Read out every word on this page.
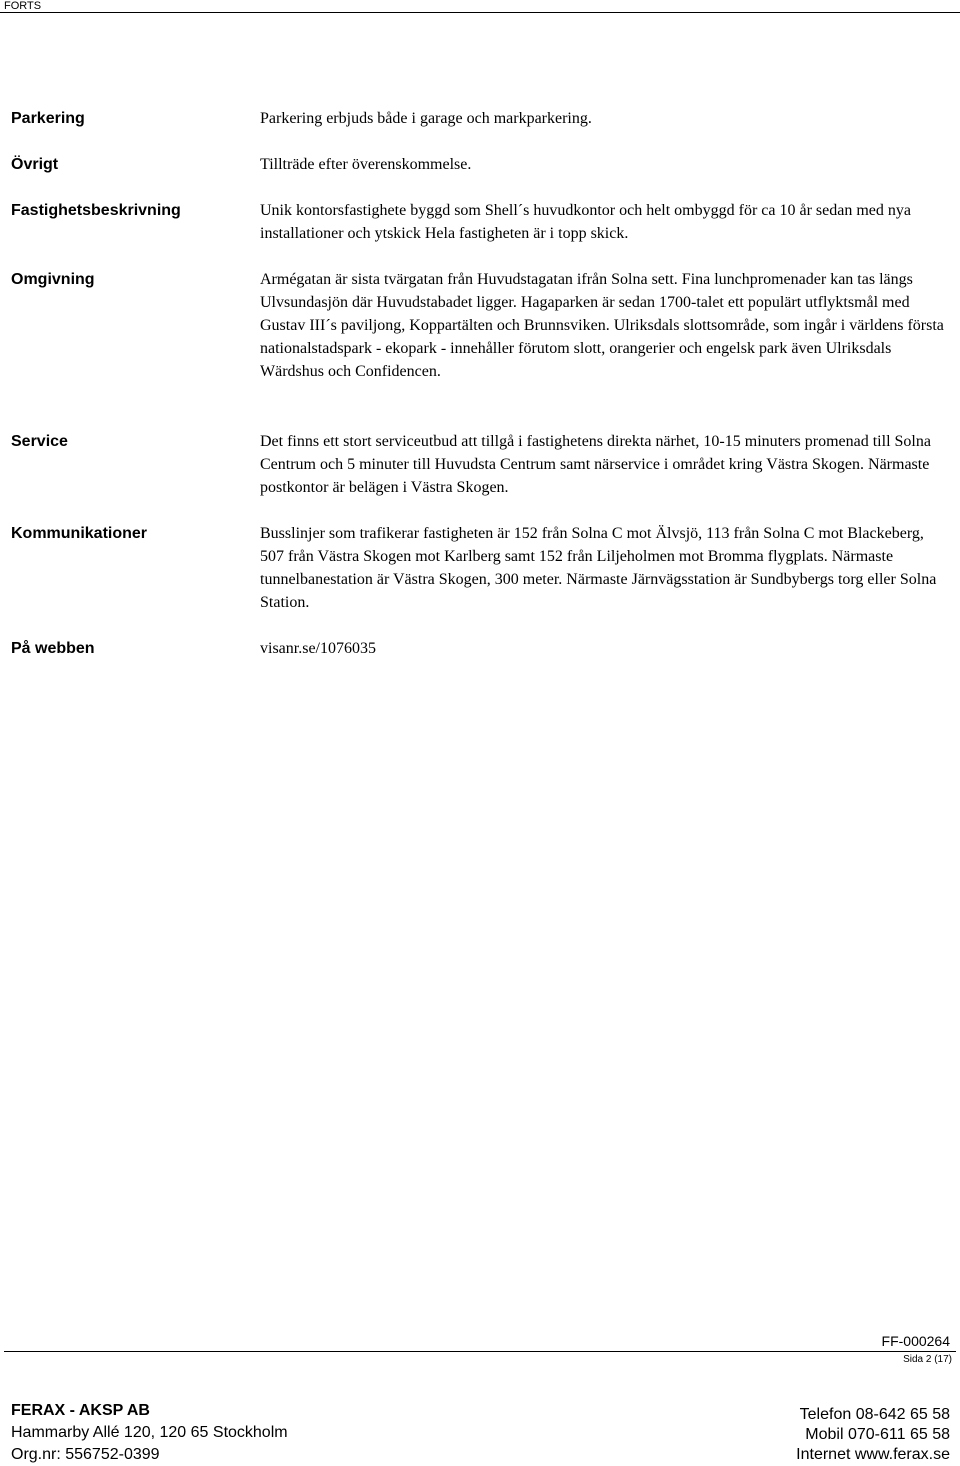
FORTS
Parkering	Parkering erbjuds både i garage och markparkering.
Övrigt	Tillträde efter överenskommelse.
Fastighetsbeskrivning	Unik kontorsfastighete byggd som Shell´s huvudkontor och helt ombyggd för ca 10 år sedan med nya installationer och ytskick Hela fastigheten är i topp skick.
Omgivning	Armégatan är sista tvärgatan från Huvudstagatan ifrån Solna sett. Fina lunchpromenader kan tas längs Ulvsundasjön där Huvudstabadet ligger. Hagaparken är sedan 1700-talet ett populärt utflyktsmål med Gustav III´s paviljong, Koppartälten och Brunnsviken. Ulriksdals slottsområde, som ingår i världens första nationalstadspark - ekopark - innehåller förutom slott, orangerier och engelsk park även Ulriksdals Wärdshus och Confidencen.
Service	Det finns ett stort serviceutbud att tillgå i fastighetens direkta närhet, 10-15 minuters promenad till Solna Centrum och 5 minuter till Huvudsta Centrum samt närservice i området kring Västra Skogen. Närmaste postkontor är belägen i Västra Skogen.
Kommunikationer	Busslinjer som trafikerar fastigheten är 152 från Solna C mot Älvsjö, 113 från Solna C mot Blackeberg, 507 från Västra Skogen mot Karlberg samt 152 från Liljeholmen mot Bromma flygplats. Närmaste tunnelbanestation är Västra Skogen, 300 meter. Närmaste Järnvägsstation är Sundbybergs torg eller Solna Station.
På webben	visanr.se/1076035
FF-000264
Sida 2 (17)
FERAX - AKSP AB
Hammarby Allé 120, 120 65 Stockholm
Org.nr: 556752-0399
Telefon 08-642 65 58
Mobil 070-611 65 58
Internet www.ferax.se
